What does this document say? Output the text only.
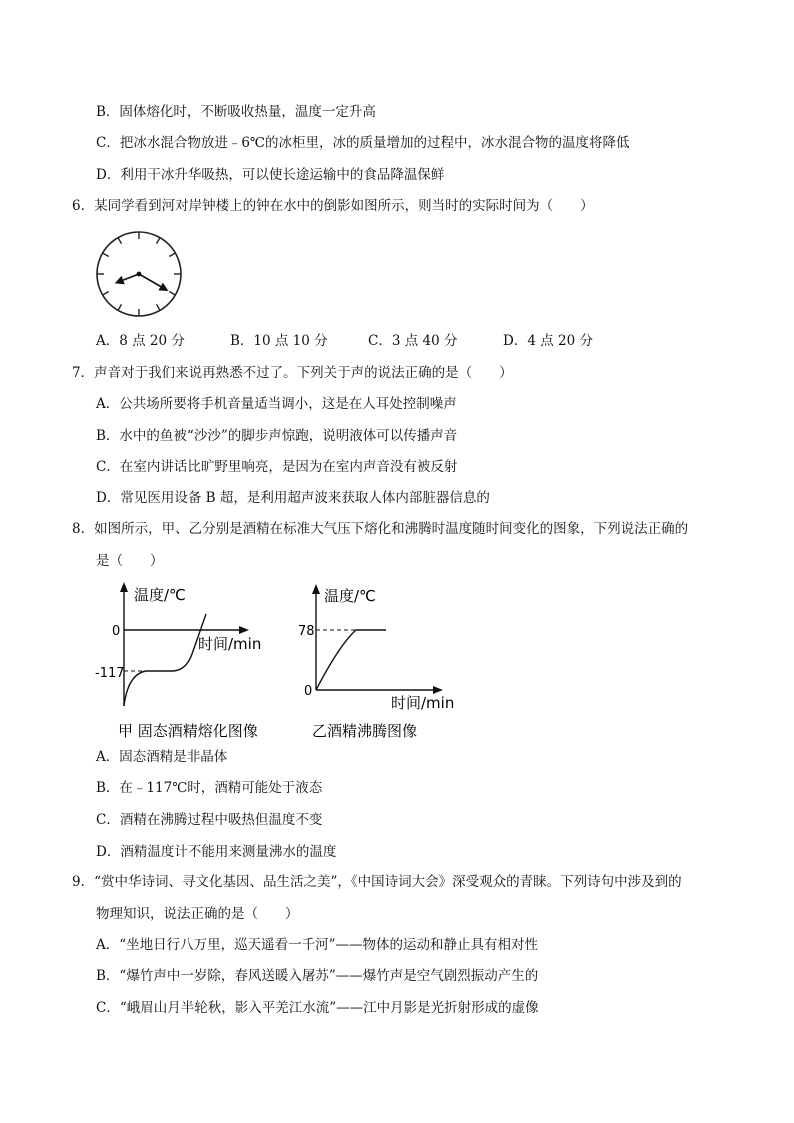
B．固体熔化时，不断吸收热量，温度一定升高
C．把冰水混合物放进﹣6℃的冰柜里，冰的质量增加的过程中，冰水混合物的温度将降低
D．利用干冰升华吸热，可以使长途运输中的食品降温保鲜
6．某同学看到河对岸钟楼上的钟在水中的倒影如图所示，则当时的实际时间为（　　）
A．8 点 20 分	B．10 点 10 分	C．3 点 40 分	D．4 点 20 分
7．声音对于我们来说再熟悉不过了。下列关于声的说法正确的是（　　）
A．公共场所要将手机音量适当调小，这是在人耳处控制噪声
B．水中的鱼被“沙沙”的脚步声惊跑，说明液体可以传播声音
C．在室内讲话比旷野里响亮，是因为在室内声音没有被反射
D．常见医用设备 B 超，是利用超声波来获取人体内部脏器信息的
8．如图所示，甲、乙分别是酒精在标准大气压下熔化和沸腾时温度随时间变化的图象，下列说法正确的
是（　　）
温度/℃
0
时间/min
-117
甲 固态酒精熔化图像
温度/℃
78
0
时间/min
乙酒精沸腾图像
A．固态酒精是非晶体
B．在﹣117℃时，酒精可能处于液态
C．酒精在沸腾过程中吸热但温度不变
D．酒精温度计不能用来测量沸水的温度
9．“赏中华诗词、寻文化基因、品生活之美”，《中国诗词大会》深受观众的青睐。下列诗句中涉及到的
物理知识，说法正确的是（　　）
A．“坐地日行八万里，巡天遥看一千河”——物体的运动和静止具有相对性
B．“爆竹声中一岁除，春风送暖入屠苏”——爆竹声是空气剧烈振动产生的
C．“峨眉山月半轮秋，影入平羌江水流”——江中月影是光折射形成的虚像
